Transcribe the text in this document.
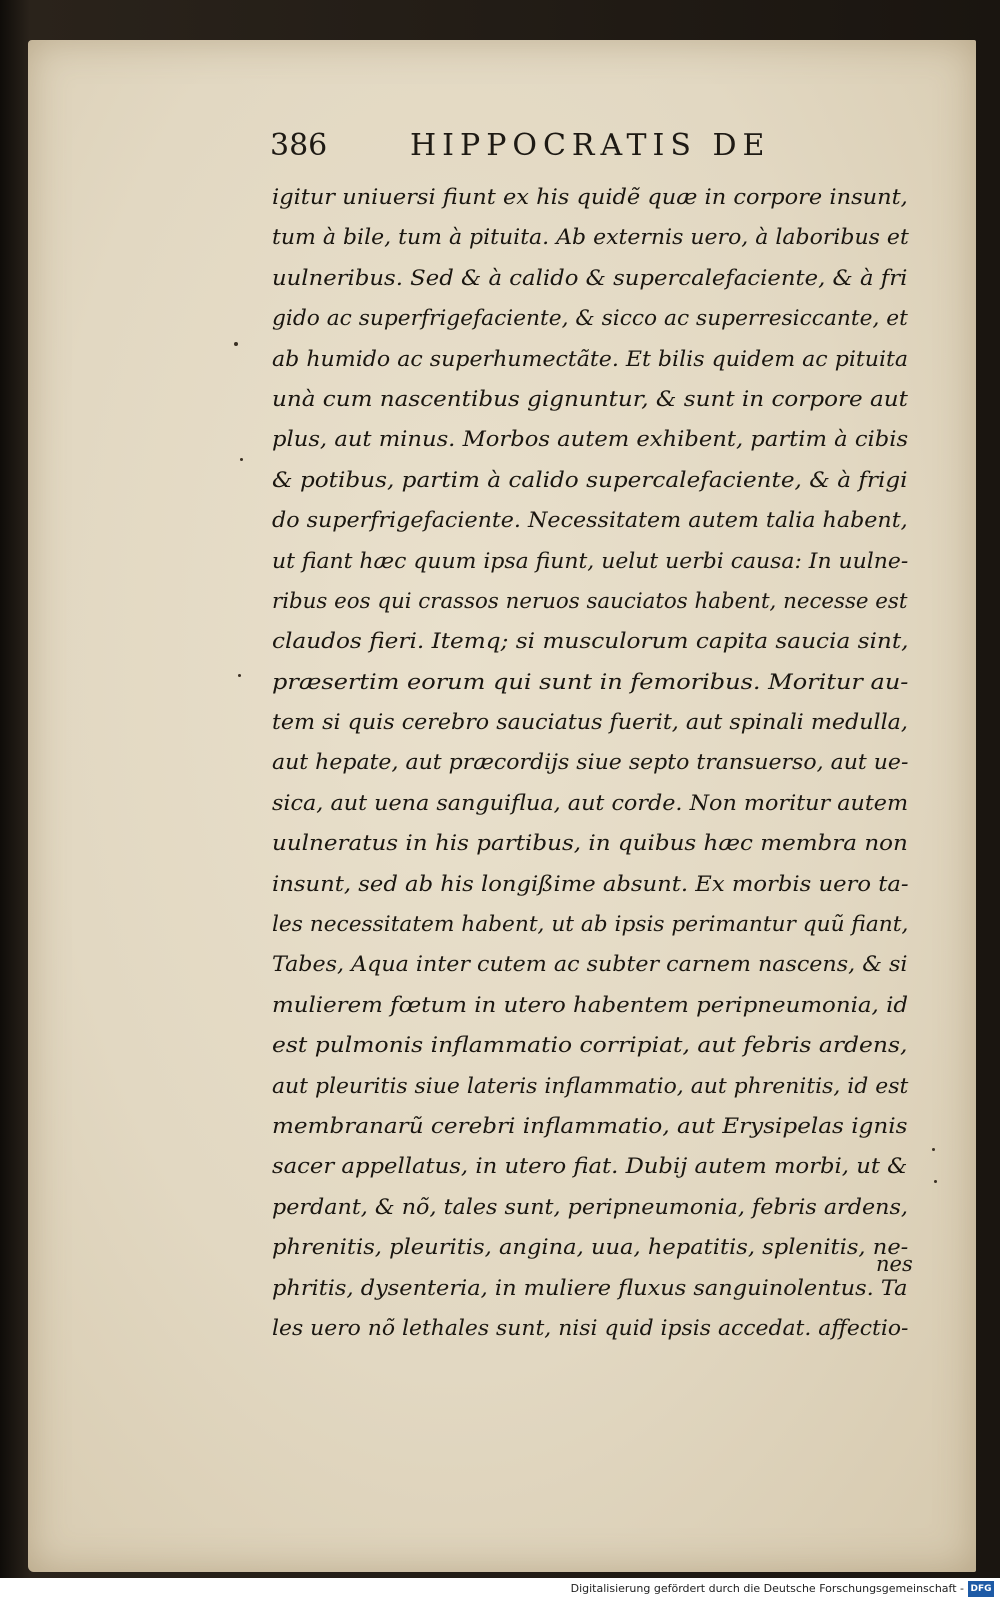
386	HIPPOCRATIS DE
igitur uniuersi fiunt ex his quidẽ quæ in corpore insunt,
tum à bile, tum à pituita. Ab externis uero, à laboribus et
uulneribus. Sed & à calido & supercalefaciente, & à fri
gido ac superfrigefaciente, & sicco ac superresiccante, et
ab humido ac superhumectãte. Et bilis quidem ac pituita
unà cum nascentibus gignuntur, & sunt in corpore aut
plus, aut minus. Morbos autem exhibent, partim à cibis
& potibus, partim à calido supercalefaciente, & à frigi
do superfrigefaciente. Necessitatem autem talia habent,
ut fiant hæc quum ipsa fiunt, uelut uerbi causa: In uulne-
ribus eos qui crassos neruos sauciatos habent, necesse est
claudos fieri. Itemq; si musculorum capita saucia sint,
præsertim eorum qui sunt in femoribus. Moritur au-
tem si quis cerebro sauciatus fuerit, aut spinali medulla,
aut hepate, aut præcordijs siue septo transuerso, aut ue-
sica, aut uena sanguiflua, aut corde. Non moritur autem
uulneratus in his partibus, in quibus hæc membra non
insunt, sed ab his longißime absunt. Ex morbis uero ta-
les necessitatem habent, ut ab ipsis perimantur quũ fiant,
Tabes, Aqua inter cutem ac subter carnem nascens, & si
mulierem fœtum in utero habentem peripneumonia, id
est pulmonis inflammatio corripiat, aut febris ardens,
aut pleuritis siue lateris inflammatio, aut phrenitis, id est
membranarũ cerebri inflammatio, aut Erysipelas ignis
sacer appellatus, in utero fiat. Dubij autem morbi, ut &
perdant, & nõ, tales sunt, peripneumonia, febris ardens,
phrenitis, pleuritis, angina, uua, hepatitis, splenitis, ne-
phritis, dysenteria, in muliere fluxus sanguinolentus. Ta
les uero nõ lethales sunt, nisi quid ipsis accedat. affectio-
nes
Digitalisierung gefördert durch die Deutsche Forschungsgemeinschaft - DFG
